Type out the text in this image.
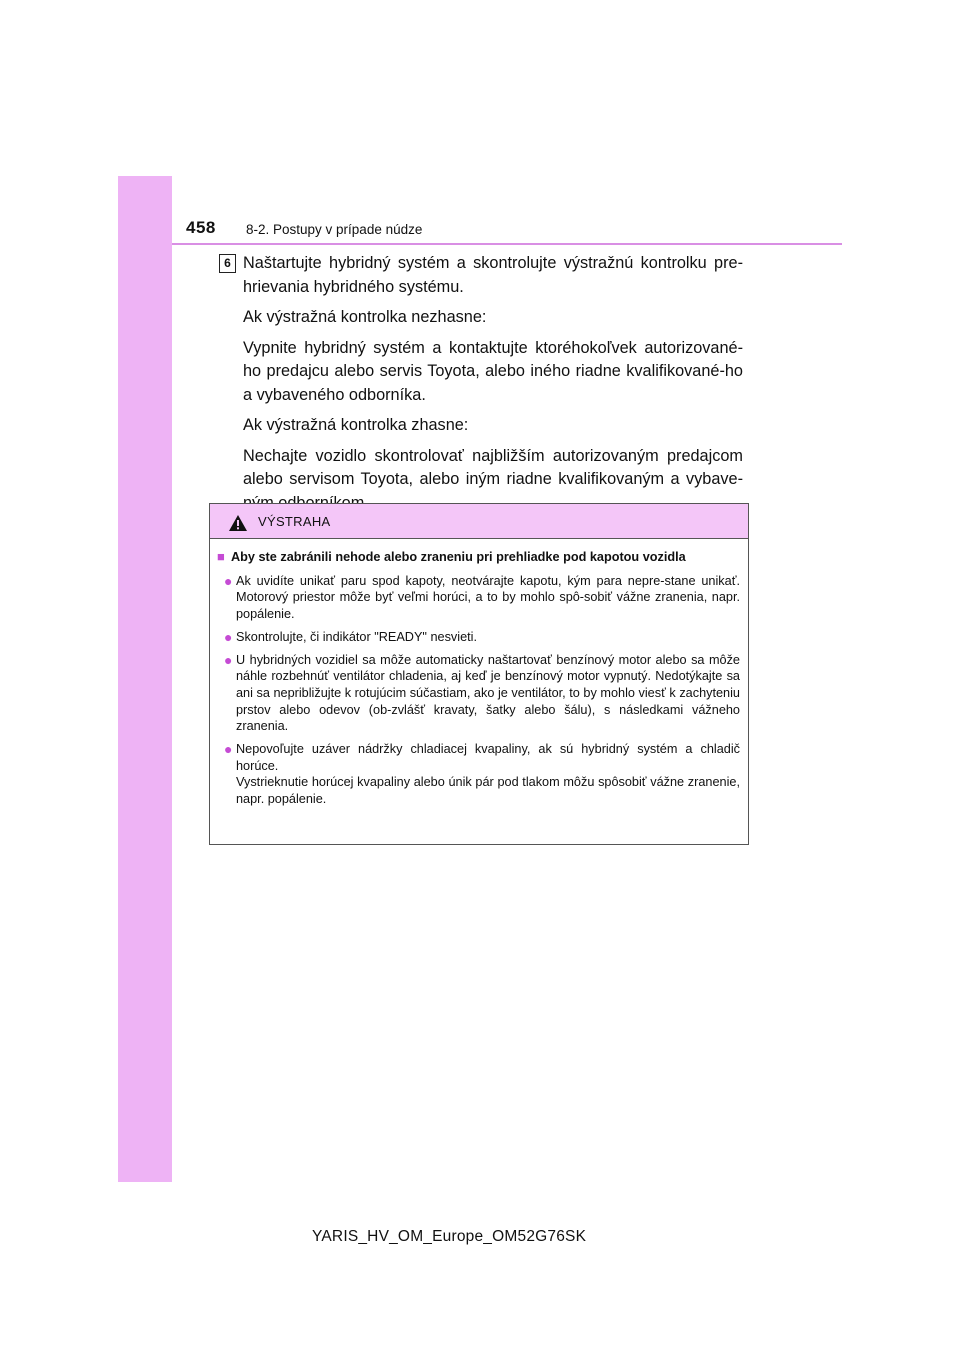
458 8-2. Postupy v prípade núdze
6 Naštartujte hybridný systém a skontrolujte výstražnú kontrolku pre-hrievania hybridného systému.

Ak výstražná kontrolka nezhasne:

Vypnite hybridný systém a kontaktujte ktoréhokoľvek autorizované-ho predajcu alebo servis Toyota, alebo iného riadne kvalifikované-ho a vybaveného odborníka.

Ak výstražná kontrolka zhasne:

Nechajte vozidlo skontrolovať najbližším autorizovaným predajcom alebo servisom Toyota, alebo iným riadne kvalifikovaným a vybave-

VÝSTRAHA
■ Aby ste zabránili nehode alebo zraneniu pri prehliadke pod kapotou vozidla
● Ak uvidíte unikať paru spod kapoty, neotvárajte kapotu, kým para nepre-stane unikať. Motorový priestor môže byť veľmi horúci, a to by mohlo spô-sobiť vážne zranenia, napr. popálenie.
● Skontrolujte, či indikátor "READY" nesvieti.
● U hybridných vozidiel sa môže automaticky naštartovať benzínový motor alebo sa môže náhle rozbehnúť ventilátor chladenia, aj keď je benzínový motor vypnutý. Nedotýkajte sa ani sa nepribližujte k rotujúcim súčastiam, ako je ventilátor, to by mohlo viesť k zachyteniu prstov alebo odevov (ob-zvlášť kravaty, šatky alebo šálu), s následkami vážneho zranenia.
● Nepovoľujte uzáver nádržky chladiacej kvapaliny, ak sú hybridný systém a chladič horúce.
Vystrieknutie horúcej kvapaliny alebo únik pár pod tlakom môžu spôsobiť vážne zranenie, napr. popálenie.
YARIS_HV_OM_Europe_OM52G76SK
